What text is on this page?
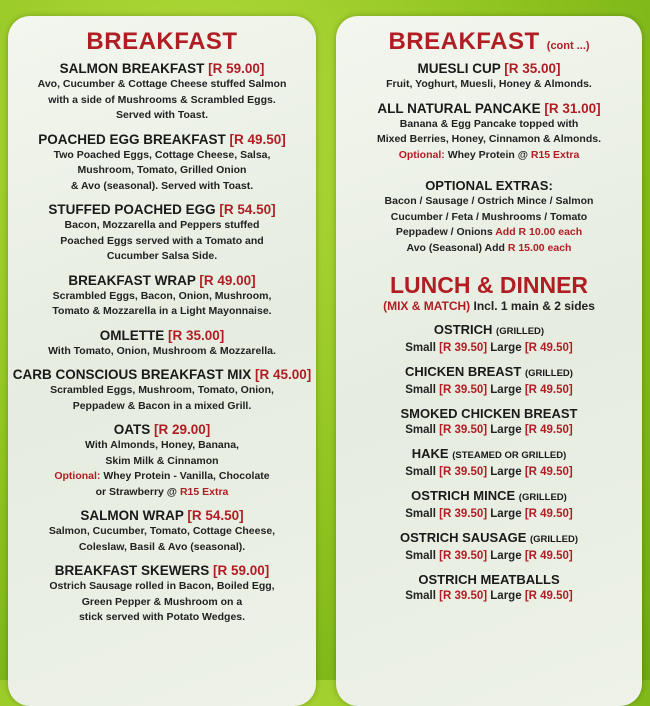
BREAKFAST
SALMON BREAKFAST [R 59.00]
Avo, Cucumber & Cottage Cheese stuffed Salmon
with a side of Mushrooms & Scrambled Eggs.
Served with Toast.
POACHED EGG BREAKFAST [R 49.50]
Two Poached Eggs, Cottage Cheese, Salsa,
Mushroom, Tomato, Grilled Onion
& Avo (seasonal). Served with Toast.
STUFFED POACHED EGG [R 54.50]
Bacon, Mozzarella and Peppers stuffed
Poached Eggs served with a Tomato and
Cucumber Salsa Side.
BREAKFAST WRAP [R 49.00]
Scrambled Eggs, Bacon, Onion, Mushroom,
Tomato & Mozzarella in a Light Mayonnaise.
OMLETTE [R 35.00]
With Tomato, Onion, Mushroom & Mozzarella.
CARB CONSCIOUS BREAKFAST MIX [R 45.00]
Scrambled Eggs, Mushroom, Tomato, Onion,
Peppadew & Bacon in a mixed Grill.
OATS [R 29.00]
With Almonds, Honey, Banana,
Skim Milk & Cinnamon
Optional: Whey Protein - Vanilla, Chocolate
or Strawberry @ R15 Extra
SALMON WRAP [R 54.50]
Salmon, Cucumber, Tomato, Cottage Cheese,
Coleslaw, Basil & Avo (seasonal).
BREAKFAST SKEWERS [R 59.00]
Ostrich Sausage rolled in Bacon, Boiled Egg,
Green Pepper & Mushroom on a
stick served with Potato Wedges.
BREAKFAST (cont ...)
MUESLI CUP [R 35.00]
Fruit, Yoghurt, Muesli, Honey & Almonds.
ALL NATURAL PANCAKE [R 31.00]
Banana & Egg Pancake topped with
Mixed Berries, Honey, Cinnamon & Almonds.
Optional: Whey Protein @ R15 Extra
OPTIONAL EXTRAS:
Bacon / Sausage / Ostrich Mince / Salmon
Cucumber / Feta / Mushrooms / Tomato
Peppadew / Onions Add R 10.00 each
Avo (Seasonal) Add R 15.00 each
LUNCH & DINNER
(MIX & MATCH) Incl. 1 main & 2 sides
OSTRICH (GRILLED)
Small [R 39.50] Large [R 49.50]
CHICKEN BREAST (GRILLED)
Small [R 39.50] Large [R 49.50]
SMOKED CHICKEN BREAST
Small [R 39.50] Large [R 49.50]
HAKE (STEAMED OR GRILLED)
Small [R 39.50] Large [R 49.50]
OSTRICH MINCE (GRILLED)
Small [R 39.50] Large [R 49.50]
OSTRICH SAUSAGE (GRILLED)
Small [R 39.50] Large [R 49.50]
OSTRICH MEATBALLS
Small [R 39.50] Large [R 49.50]
